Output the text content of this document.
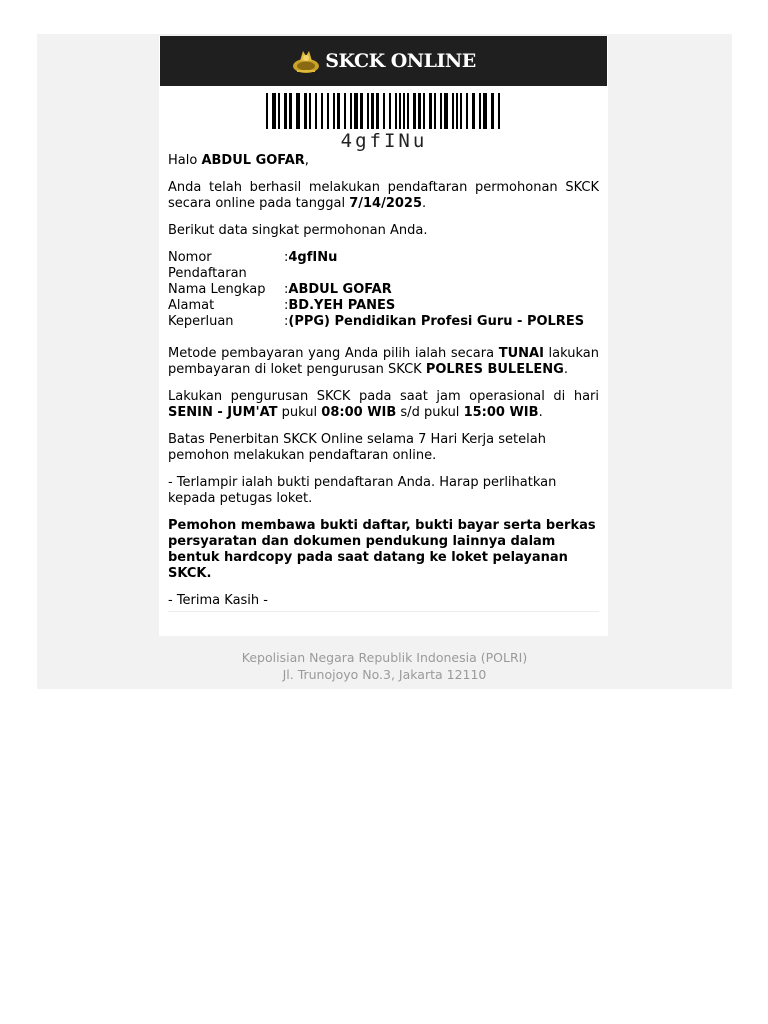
SKCK ONLINE
4gfINu

Halo ABDUL GOFAR,

Anda telah berhasil melakukan pendaftaran permohonan SKCK secara online pada tanggal 7/14/2025.

Berikut data singkat permohonan Anda.

Nomor Pendaftaran
: 4gfINu
Nama Lengkap	: ABDUL GOFAR
Alamat	: BD.YEH PANES
Keperluan	: (PPG) Pendidikan Profesi Guru - POLRES

Metode pembayaran yang Anda pilih ialah secara TUNAI lakukan pembayaran di loket pengurusan SKCK POLRES BULELENG.

Lakukan pengurusan SKCK pada saat jam operasional di hari SENIN - JUM'AT pukul 08:00 WIB s/d pukul 15:00 WIB.

Batas Penerbitan SKCK Online selama 7 Hari Kerja setelah pemohon melakukan pendaftaran online.

- Terlampir ialah bukti pendaftaran Anda. Harap perlihatkan kepada petugas loket.

Pemohon membawa bukti daftar, bukti bayar serta berkas persyaratan dan dokumen pendukung lainnya dalam bentuk hardcopy pada saat datang ke loket pelayanan SKCK.

- Terima Kasih -

Kepolisian Negara Republik Indonesia (POLRI)
Jl. Trunojoyo No.3, Jakarta 12110
